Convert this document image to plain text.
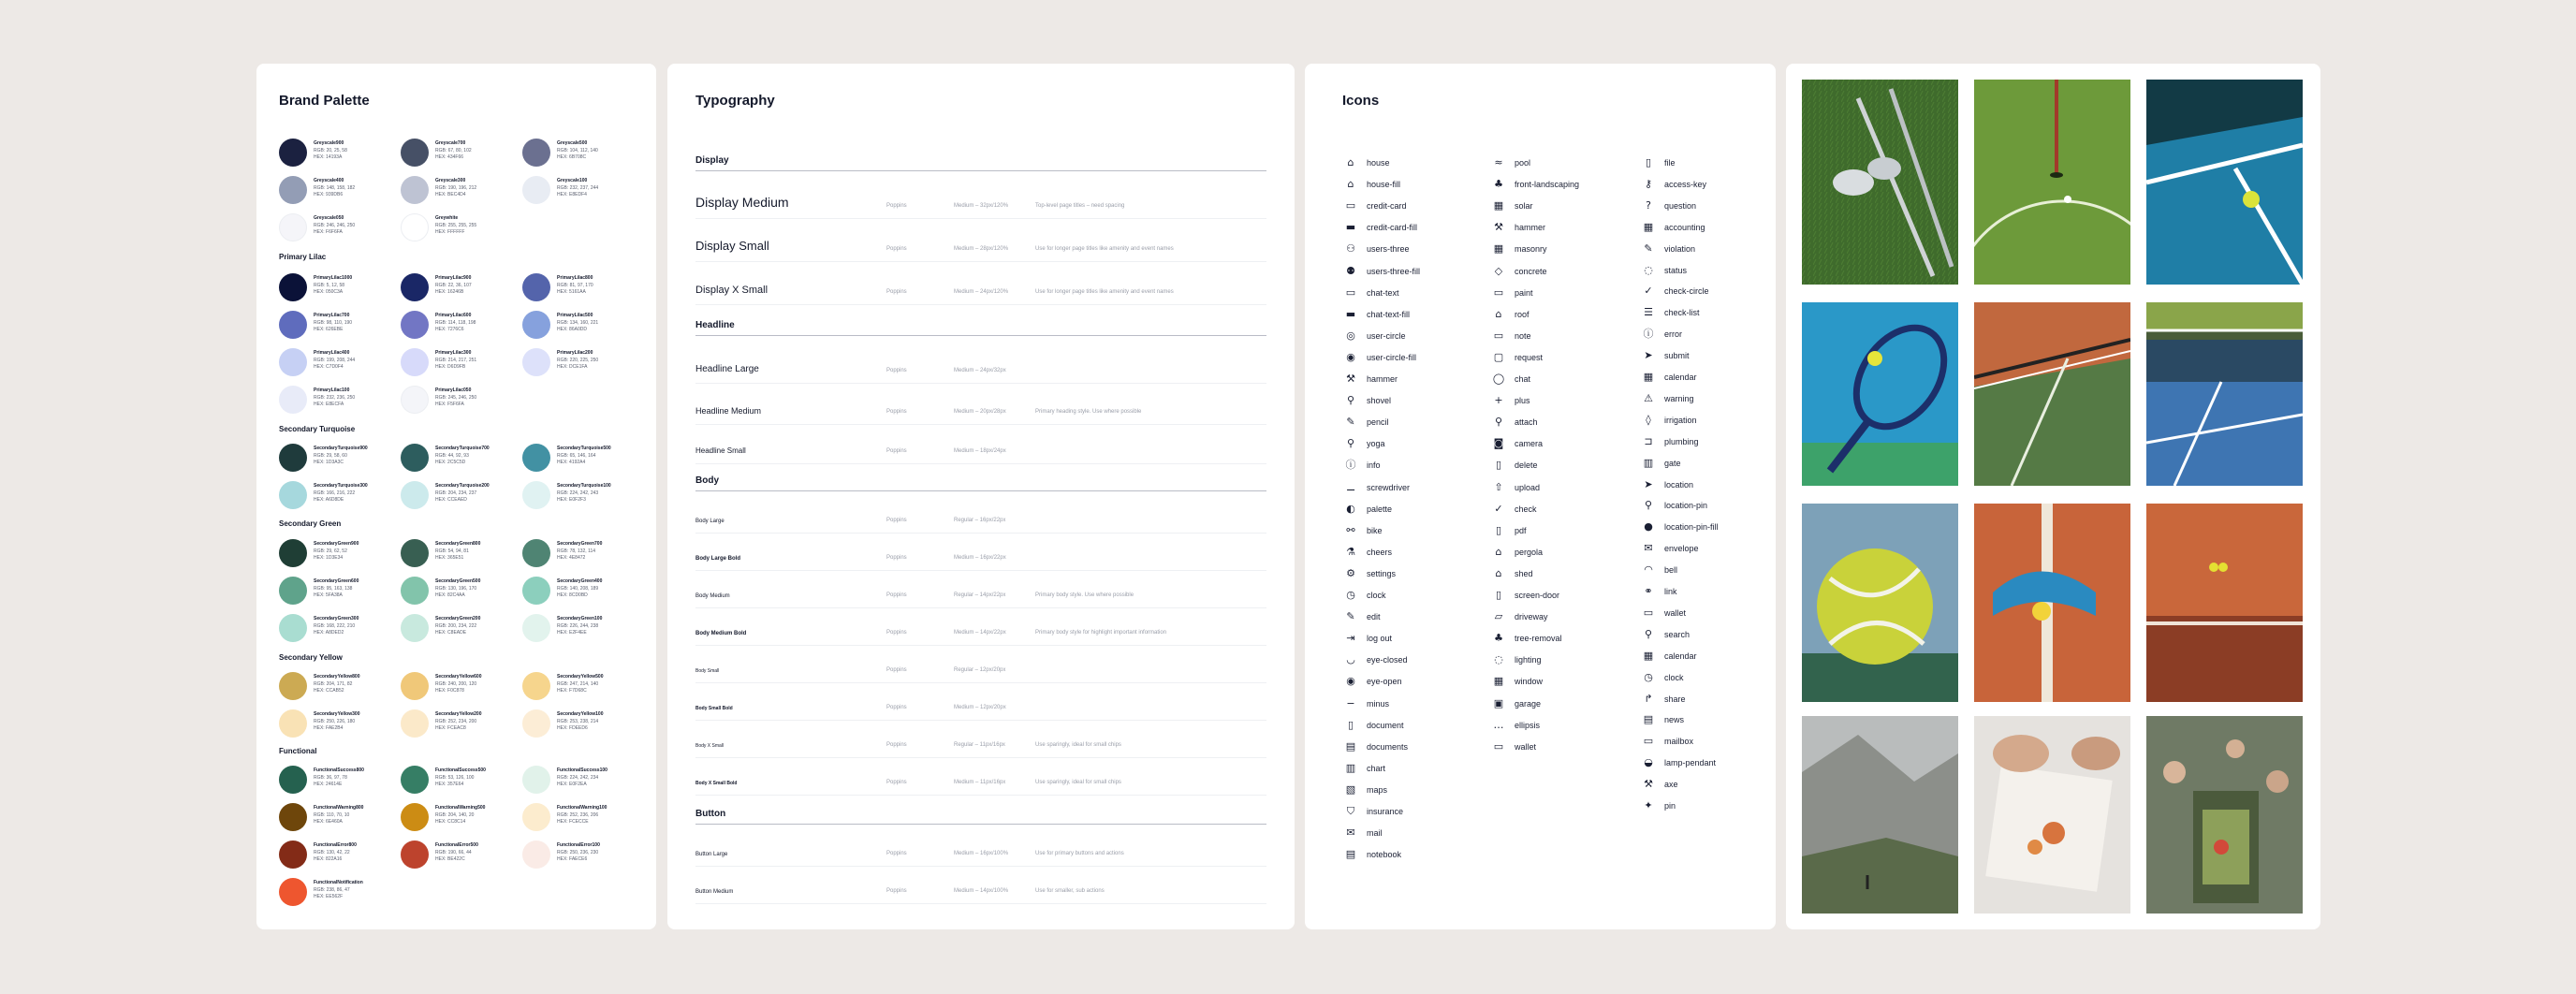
Brand Palette
Primary Lilac
Secondary Turquoise
Secondary Green
Secondary Yellow
Functional
Greyscale900
RGB: 20, 25, 58
HEX: 14193A
Greyscale700
RGB: 67, 80, 102
HEX: 434F66
Greyscale500
RGB: 104, 112, 140
HEX: 6B708C
Greyscale400
RGB: 148, 158, 182
HEX: 939DB6
Greyscale300
RGB: 190, 196, 212
HEX: BEC4D4
Greyscale100
RGB: 232, 237, 244
HEX: E8EDF4
Greyscale050
RGB: 246, 246, 250
HEX: F6F6FA
Greywhite
RGB: 255, 255, 255
HEX: FFFFFF
PrimaryLilac1000
RGB: 5, 12, 58
HEX: 050C3A
PrimaryLilac900
RGB: 22, 36, 107
HEX: 16246B
PrimaryLilac800
RGB: 81, 97, 170
HEX: 5161AA
PrimaryLilac700
RGB: 98, 110, 190
HEX: 626EBE
PrimaryLilac600
RGB: 114, 118, 198
HEX: 7276C6
PrimaryLilac500
RGB: 134, 160, 221
HEX: 86A0DD
PrimaryLilac400
RGB: 199, 208, 244
HEX: C7D0F4
PrimaryLilac300
RGB: 214, 217, 251
HEX: D6D9FB
PrimaryLilac200
RGB: 220, 225, 250
HEX: DCE1FA
PrimaryLilac100
RGB: 232, 236, 250
HEX: E8ECFA
PrimaryLilac050
RGB: 245, 246, 250
HEX: F5F6FA
SecondaryTurquoise900
RGB: 29, 58, 60
HEX: 1D3A3C
SecondaryTurquoise700
RGB: 44, 92, 93
HEX: 2C5C5D
SecondaryTurquoise500
RGB: 65, 146, 164
HEX: 4192A4
SecondaryTurquoise300
RGB: 166, 216, 222
HEX: A6D8DE
SecondaryTurquoise200
RGB: 204, 234, 237
HEX: CCEAED
SecondaryTurquoise100
RGB: 224, 242, 243
HEX: E0F2F3
SecondaryGreen900
RGB: 29, 62, 52
HEX: 1D3E34
SecondaryGreen800
RGB: 54, 94, 81
HEX: 365E51
SecondaryGreen700
RGB: 78, 132, 114
HEX: 4E8472
SecondaryGreen600
RGB: 95, 163, 138
HEX: 5FA38A
SecondaryGreen500
RGB: 130, 196, 170
HEX: 82C4AA
SecondaryGreen400
RGB: 140, 208, 189
HEX: 8CD0BD
SecondaryGreen300
RGB: 168, 222, 210
HEX: A8DED2
SecondaryGreen200
RGB: 200, 234, 222
HEX: C8EADE
SecondaryGreen100
RGB: 226, 244, 238
HEX: E2F4EE
SecondaryYellow800
RGB: 204, 171, 82
HEX: CCAB52
SecondaryYellow600
RGB: 240, 200, 120
HEX: F0C878
SecondaryYellow500
RGB: 247, 214, 140
HEX: F7D68C
SecondaryYellow300
RGB: 250, 226, 180
HEX: FAE2B4
SecondaryYellow200
RGB: 252, 234, 200
HEX: FCEAC8
SecondaryYellow100
RGB: 253, 238, 214
HEX: FDEED6
FunctionalSuccess800
RGB: 36, 97, 78
HEX: 24614E
FunctionalSuccess500
RGB: 53, 126, 100
HEX: 357E64
FunctionalSuccess100
RGB: 224, 242, 234
HEX: E0F2EA
FunctionalWarning800
RGB: 110, 70, 10
HEX: 6E460A
FunctionalWarning500
RGB: 204, 140, 20
HEX: CC8C14
FunctionalWarning100
RGB: 252, 236, 206
HEX: FCECCE
FunctionalError800
RGB: 130, 42, 22
HEX: 822A16
FunctionalError500
RGB: 190, 66, 44
HEX: BE422C
FunctionalError100
RGB: 250, 236, 230
HEX: FAECE6
FunctionalNotification
RGB: 238, 86, 47
HEX: EE562F
Typography
Display
Headline
Body
Button
Display Medium	Poppins	Medium – 32px/120%	Top-level page titles – need spacing
Display Small	Poppins	Medium – 28px/120%	Use for longer page titles like amenity and event names
Display X Small	Poppins	Medium – 24px/120%	Use for longer page titles like amenity and event names
Headline Large	Poppins	Medium – 24px/32px
Headline Medium	Poppins	Medium – 20px/28px	Primary heading style. Use where possible
Headline Small	Poppins	Medium – 18px/24px
Body Large	Poppins	Regular – 16px/22px
Body Large Bold	Poppins	Medium – 16px/22px
Body Medium	Poppins	Regular – 14px/22px	Primary body style. Use where possible
Body Medium Bold	Poppins	Medium – 14px/22px	Primary body style for highlight important information
Body Small	Poppins	Regular – 12px/20px
Body Small Bold	Poppins	Medium – 12px/20px
Body X Small	Poppins	Regular – 11px/16px	Use sparingly, ideal for small chips
Body X Small Bold	Poppins	Medium – 11px/16px	Use sparingly, ideal for small chips
Button Large	Poppins	Medium – 16px/100%	Use for primary buttons and actions
Button Medium	Poppins	Medium – 14px/100%	Use for smaller, sub actions
Icons
⌂	house
⌂	house-fill
▭	credit-card
▬	credit-card-fill
⚇	users-three
⚉	users-three-fill
▭	chat-text
▬	chat-text-fill
◎	user-circle
◉	user-circle-fill
⚒	hammer
⚲	shovel
✎	pencil
⚲	yoga
ⓘ	info
⚊	screwdriver
◐	palette
⚯	bike
⚗	cheers
⚙	settings
◷	clock
✎	edit
⇥	log out
◡	eye-closed
◉	eye-open
−	minus
▯	document
▤	documents
▥	chart
▧	maps
⛉	insurance
✉	mail
▤	notebook
≈	pool
♣	front-landscaping
▦	solar
⚒	hammer
▦	masonry
◇	concrete
▭	paint
⌂	roof
▭	note
▢	request
◯	chat
+	plus
⚲	attach
◙	camera
▯	delete
⇧	upload
✓	check
▯	pdf
⌂	pergola
⌂	shed
▯	screen-door
▱	driveway
♣	tree-removal
◌	lighting
▦	window
▣	garage
…	ellipsis
▭	wallet
▯	file
⚷	access-key
?	question
▦	accounting
✎	violation
◌	status
✓	check-circle
☰	check-list
ⓘ	error
➤	submit
▦	calendar
⚠	warning
◊	irrigation
⊐	plumbing
▥	gate
➤	location
⚲	location-pin
●	location-pin-fill
✉	envelope
◠	bell
⚭	link
▭	wallet
⚲	search
▦	calendar
◷	clock
↱	share
▤	news
▭	mailbox
◒	lamp-pendant
⚒	axe
✦	pin
